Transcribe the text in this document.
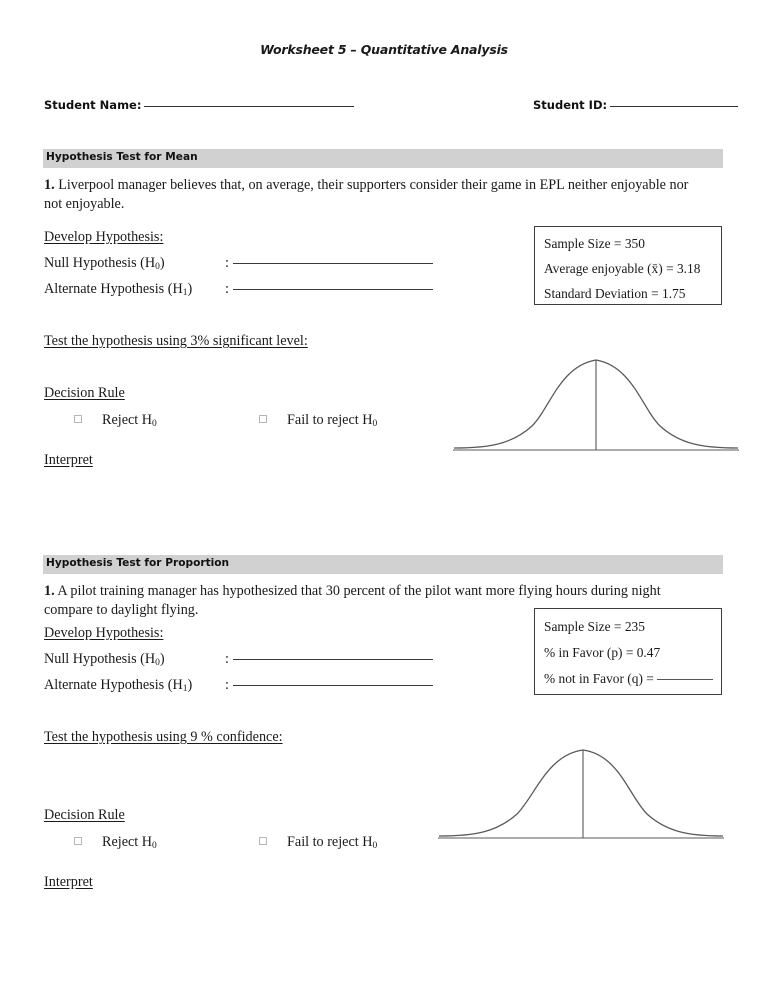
Worksheet 5 – Quantitative Analysis
Student Name:	Student ID:
Hypothesis Test for Mean
1. Liverpool manager believes that, on average, their supporters consider their game in EPL neither enjoyable nor not enjoyable.
Develop Hypothesis:
Null Hypothesis $(H_0)$	:
Alternate Hypothesis $(H_1)$ :
Sample Size = 350
Average enjoyable (x̄) = 3.18
Standard Deviation = 1.75
Test the hypothesis using 3% significant level:
Decision Rule
Reject $H_0$	Fail to reject $H_0$
Interpret
Hypothesis Test for Proportion
1. A pilot training manager has hypothesized that 30 percent of the pilot want more flying hours during night compare to daylight flying.
Develop Hypothesis:
Null Hypothesis $(H_0)$	:
Alternate Hypothesis $(H_1)$ :
Sample Size = 235
% in Favor (p) = 0.47
% not in Favor (q) =
Test the hypothesis using 9 % confidence:
Decision Rule
Reject $H_0$	Fail to reject $H_0$
Interpret
